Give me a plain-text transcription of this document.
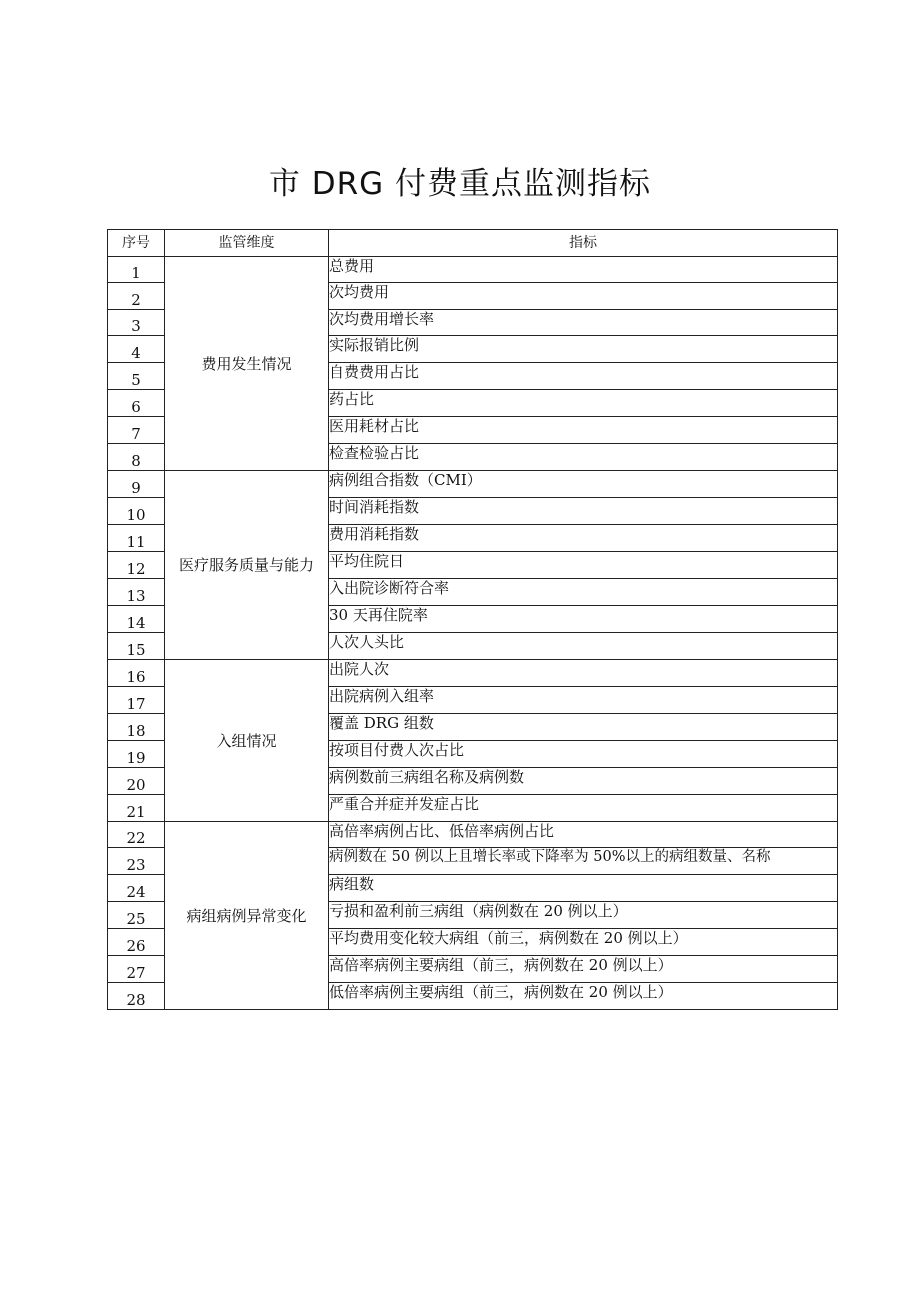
市 DRG 付费重点监测指标
序号	监管维度	指标
1	费用发生情况	总费用
2		次均费用
3		次均费用增长率
4		实际报销比例
5		自费费用占比
6		药占比
7		医用耗材占比
8		检查检验占比
9	医疗服务质量与能力	病例组合指数（CMI）
10		时间消耗指数
11		费用消耗指数
12		平均住院日
13		入出院诊断符合率
14		30 天再住院率
15		人次人头比
16	入组情况	出院人次
17		出院病例入组率
18		覆盖 DRG 组数
19		按项目付费人次占比
20		病例数前三病组名称及病例数
21		严重合并症并发症占比
22	病组病例异常变化	高倍率病例占比、低倍率病例占比
23		病例数在 50 例以上且增长率或下降率为 50%以上的病组数量、名称
24		病组数
25		亏损和盈利前三病组（病例数在 20 例以上）
26		平均费用变化较大病组（前三，病例数在 20 例以上）
27		高倍率病例主要病组（前三，病例数在 20 例以上）
28		低倍率病例主要病组（前三，病例数在 20 例以上）
